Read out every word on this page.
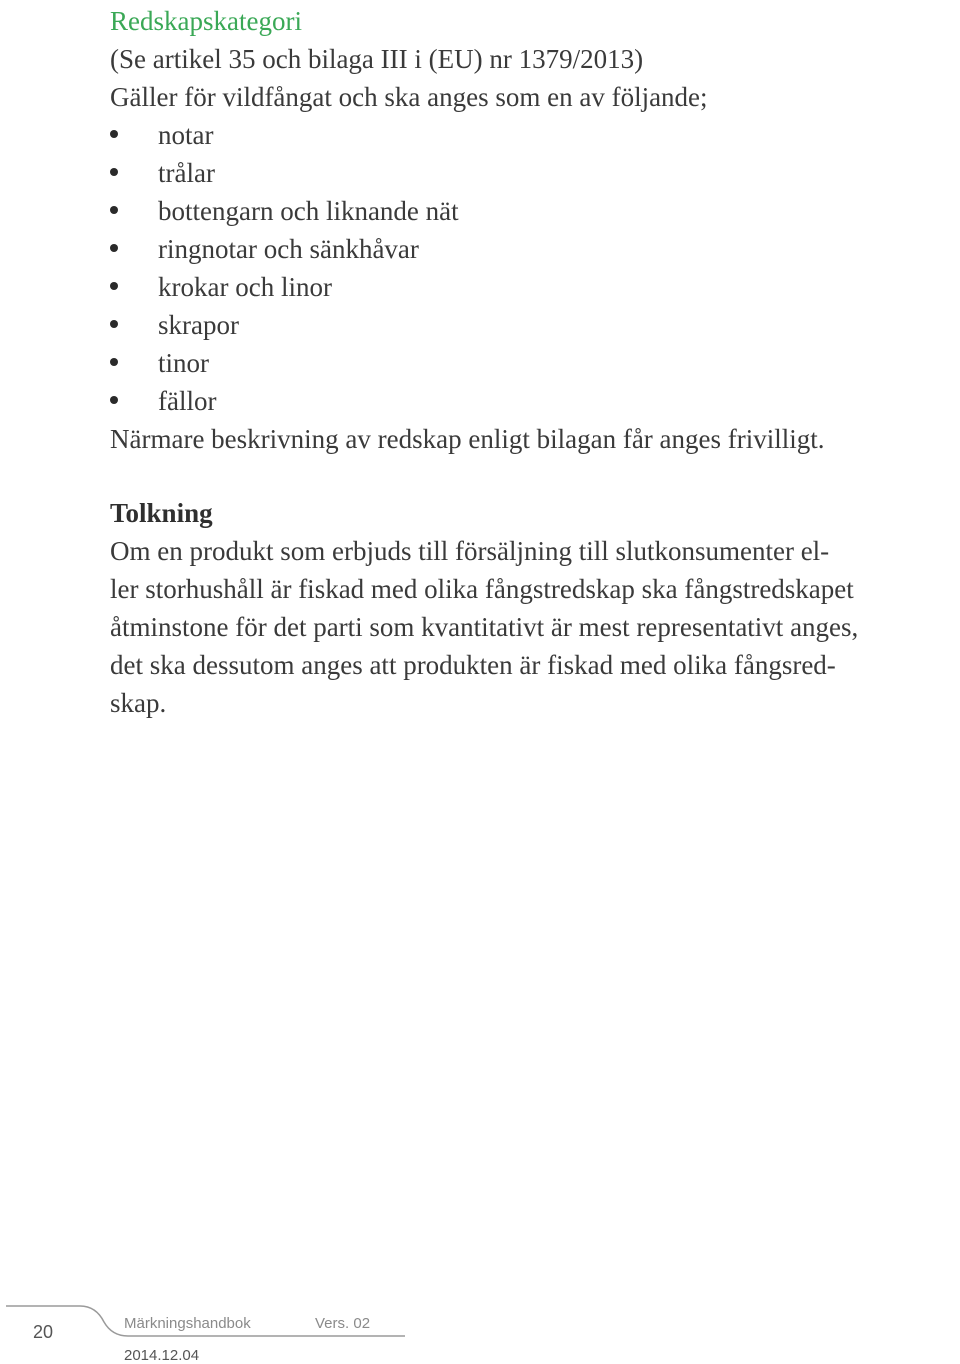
Redskapskategori
(Se artikel 35 och bilaga III i (EU) nr 1379/2013)
Gäller för vildfångat och ska anges som en av följande;
notar
trålar
bottengarn och liknande nät
ringnotar och sänkhåvar
krokar och linor
skrapor
tinor
fällor
Närmare beskrivning av redskap enligt bilagan får anges frivilligt.
Tolkning
Om en produkt som erbjuds till försäljning till slutkonsumenter el-
ler storhushåll är fiskad med olika fångstredskap ska fångstredskapet
åtminstone för det parti som kvantitativt är mest representativt anges,
det ska dessutom anges att produkten är fiskad med olika fångsred-
skap.
20	Märkningshandbok	Vers. 02
2014.12.04
